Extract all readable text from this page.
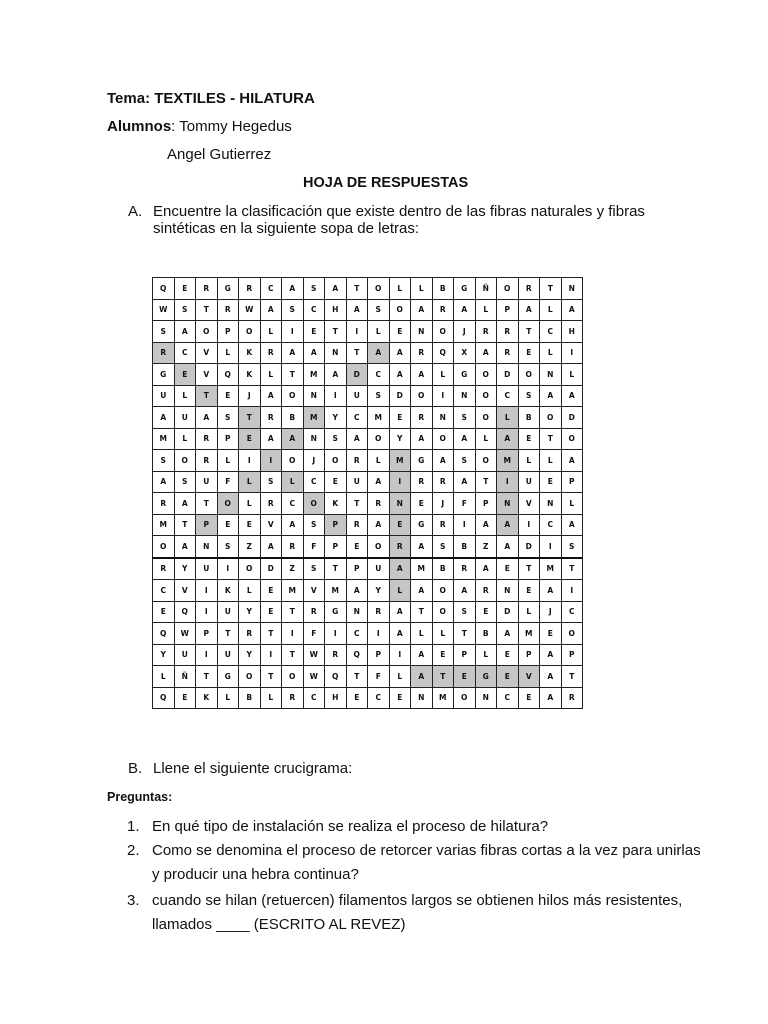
Tema: TEXTILES - HILATURA
Alumnos: Tommy Hegedus
Angel Gutierrez
HOJA DE RESPUESTAS
A. Encuentre la clasificación que existe dentro de las fibras naturales y fibras
sintéticas en la siguiente sopa de letras:
Q	E	R	G	R	C	A	S	A	T	O	L	L	B	G	Ñ	O	R	T	N
W	S	T	R	W	A	S	C	H	A	S	O	A	R	A	L	P	A	L	A
S	A	O	P	O	L	I	E	T	I	L	E	N	O	J	R	R	T	C	H
R	C	V	L	K	R	A	A	N	T	A	A	R	Q	X	A	R	E	L	I
G	E	V	Q	K	L	T	M	A	D	C	A	A	L	G	O	D	O	N	L
U	L	T	E	J	A	O	N	I	U	S	D	O	I	N	O	C	S	A	A
A	U	A	S	T	R	B	M	Y	C	M	E	R	N	S	O	L	B	O	D
M	L	R	P	E	A	A	N	S	A	O	Y	A	O	A	L	A	E	T	O
S	O	R	L	I	I	O	J	O	R	L	M	G	A	S	O	M	L	L	A
A	S	U	F	L	S	L	C	E	U	A	I	R	R	A	T	I	U	E	P
R	A	T	O	L	R	C	O	K	T	R	N	E	J	F	P	N	V	N	L
M	T	P	E	E	V	A	S	P	R	A	E	G	R	I	A	A	I	C	A
O	A	N	S	Z	A	R	F	P	E	O	R	A	S	B	Z	A	D	I	S
R	Y	U	I	O	D	Z	S	T	P	U	A	M	B	R	A	E	T	M	T
C	V	I	K	L	E	M	V	M	A	Y	L	A	O	A	R	N	E	A	I
E	Q	I	U	Y	E	T	R	G	N	R	A	T	O	S	E	D	L	J	C
Q	W	P	T	R	T	I	F	I	C	I	A	L	L	T	B	A	M	E	O
Y	U	I	U	Y	I	T	W	R	Q	P	I	A	E	P	L	E	P	A	P
L	Ñ	T	G	O	T	O	W	Q	T	F	L	A	T	E	G	E	V	A	T
Q	E	K	L	B	L	R	C	H	E	C	E	N	M	O	N	C	E	A	R
B. Llene el siguiente crucigrama:
Preguntas:
1. En qué tipo de instalación se realiza el proceso de hilatura?
2. Como se denomina el proceso de retorcer varias fibras cortas a la vez para unirlas
y producir una hebra continua?
3. cuando se hilan (retuercen) filamentos largos se obtienen hilos más resistentes,
llamados ____ (ESCRITO AL REVEZ)
